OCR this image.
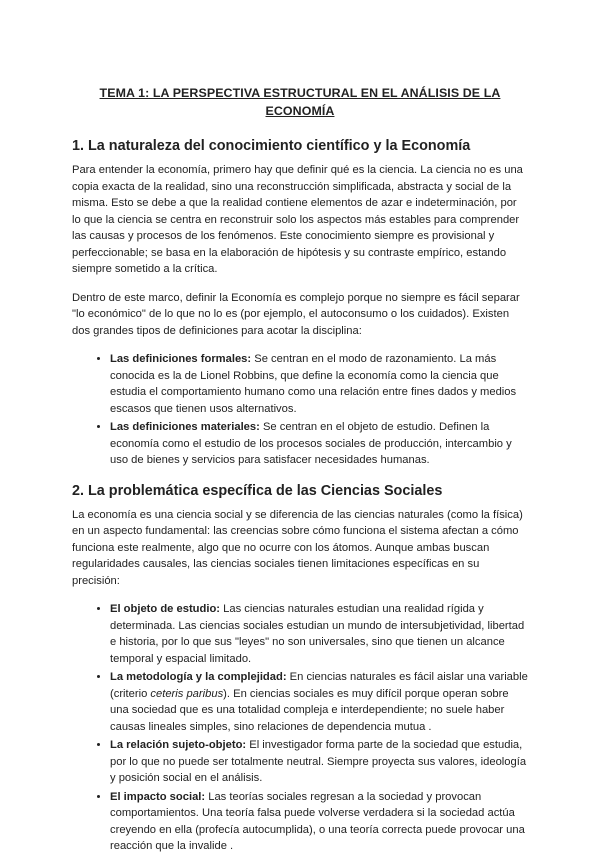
TEMA 1: LA PERSPECTIVA ESTRUCTURAL EN EL ANÁLISIS DE LA ECONOMÍA
1. La naturaleza del conocimiento científico y la Economía

Para entender la economía, primero hay que definir qué es la ciencia. La ciencia no es una copia exacta de la realidad, sino una reconstrucción simplificada, abstracta y social de la misma. Esto se debe a que la realidad contiene elementos de azar e indeterminación, por lo que la ciencia se centra en reconstruir solo los aspectos más estables para comprender las causas y procesos de los fenómenos. Este conocimiento siempre es provisional y perfeccionable; se basa en la elaboración de hipótesis y su contraste empírico, estando siempre sometido a la crítica.

Dentro de este marco, definir la Economía es complejo porque no siempre es fácil separar "lo económico" de lo que no lo es (por ejemplo, el autoconsumo o los cuidados). Existen dos grandes tipos de definiciones para acotar la disciplina:

• Las definiciones formales: Se centran en el modo de razonamiento. La más conocida es la de Lionel Robbins, que define la economía como la ciencia que estudia el comportamiento humano como una relación entre fines dados y medios escasos que tienen usos alternativos.
• Las definiciones materiales: Se centran en el objeto de estudio. Definen la economía como el estudio de los procesos sociales de producción, intercambio y uso de bienes y servicios para satisfacer necesidades humanas.
2. La problemática específica de las Ciencias Sociales

La economía es una ciencia social y se diferencia de las ciencias naturales (como la física) en un aspecto fundamental: las creencias sobre cómo funciona el sistema afectan a cómo funciona este realmente, algo que no ocurre con los átomos. Aunque ambas buscan regularidades causales, las ciencias sociales tienen limitaciones específicas en su precisión:

• El objeto de estudio: Las ciencias naturales estudian una realidad rígida y determinada. Las ciencias sociales estudian un mundo de intersubjetividad, libertad e historia, por lo que sus "leyes" no son universales, sino que tienen un alcance temporal y espacial limitado.
• La metodología y la complejidad: En ciencias naturales es fácil aislar una variable (criterio ceteris paribus). En ciencias sociales es muy difícil porque operan sobre una sociedad que es una totalidad compleja e interdependiente; no suele haber causas lineales simples, sino relaciones de dependencia mutua .
• La relación sujeto-objeto: El investigador forma parte de la sociedad que estudia, por lo que no puede ser totalmente neutral. Siempre proyecta sus valores, ideología y posición social en el análisis.
• El impacto social: Las teorías sociales regresan a la sociedad y provocan comportamientos. Una teoría falsa puede volverse verdadera si la sociedad actúa creyendo en ella (profecía autocumplida), o una teoría correcta puede provocar una reacción que la invalide .
